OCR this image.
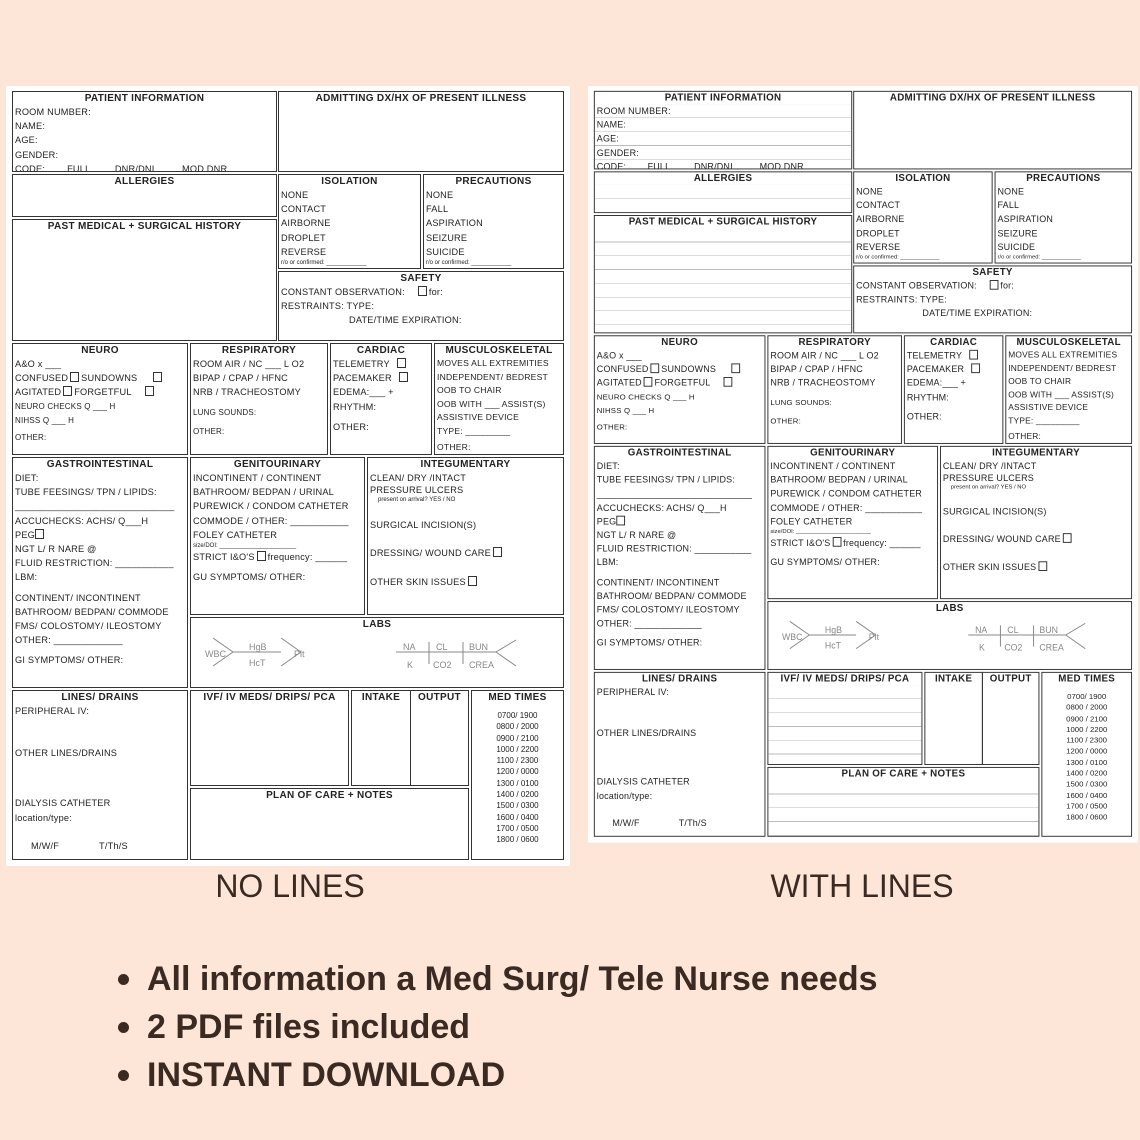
PATIENT INFORMATION
ROOM NUMBER:
NAME:
AGE:
GENDER:
CODE:        FULL         DNR/DNI          MOD DNR
ADMITTING DX/HX OF PRESENT ILLNESS
ALLERGIES	ISOLATION
NONE
CONTACT
AIRBORNE
DROPLET
REVERSE
r/o or confirmed: ____________
PRECAUTIONS
NONE
FALL
ASPIRATION
SEIZURE
SUICIDE
r/o or confirmed: ____________
PAST MEDICAL + SURGICAL HISTORY
SAFETY
CONSTANT OBSERVATION:	for:
RESTRAINTS: TYPE:
DATE/TIME EXPIRATION:
NEURO
A&O x ___
CONFUSED SUNDOWNS
AGITATED FORGETFUL
NEURO CHECKS Q ___ H
NIHSS Q ___ H
OTHER:
RESPIRATORY
ROOM AIR / NC ___ L O2
BIPAP / CPAP / HFNC
NRB / TRACHEOSTOMY
LUNG SOUNDS:
OTHER:
CARDIAC
TELEMETRY
PACEMAKER
EDEMA:___ +
RHYTHM:
OTHER:
MUSCULOSKELETAL
MOVES ALL EXTREMITIES
INDEPENDENT/ BEDREST
OOB TO CHAIR
OOB WITH ___ ASSIST(S)
ASSISTIVE DEVICE
TYPE: _________
OTHER:
GASTROINTESTINAL
DIET:
TUBE FEESINGS/ TPN / LIPIDS:
______________________________
ACCUCHECKS: ACHS/ Q___H
PEG
NGT L/ R NARE @
FLUID RESTRICTION: ___________
LBM:
CONTINENT/ INCONTINENT
BATHROOM/ BEDPAN/ COMMODE
FMS/ COLOSTOMY/ ILEOSTOMY
OTHER: _____________
GI SYMPTOMS/ OTHER:
GENITOURINARY
INCONTINENT / CONTINENT
BATHROOM/ BEDPAN / URINAL
PUREWICK / CONDOM CATHETER
COMMODE / OTHER: ___________
FOLEY CATHETER
size/DOI: _______________________
STRICT I&O'S frequency: ______
GU SYMPTOMS/ OTHER:
INTEGUMENTARY
CLEAN/ DRY /INTACT
PRESSURE ULCERS
present on arrival? YES / NO
SURGICAL INCISION(S)
DRESSING/ WOUND CARE
OTHER SKIN ISSUES
LABS
WBC
HgB
HcT
Plt
NA CL BUN
K CO2 CREA
LINES/ DRAINS
PERIPHERAL IV:
OTHER LINES/DRAINS
DIALYSIS CATHETER
location/type:
M/W/F	T/Th/S
IVF/ IV MEDS/ DRIPS/ PCA	INTAKE	OUTPUT	MED TIMES
0700/ 1900
0800 / 2000
0900 / 2100
1000 / 2200
1100 / 2300
1200 / 0000
1300 / 0100
1400 / 0200
1500 / 0300
1600 / 0400
1700 / 0500
1800 / 0600
PLAN OF CARE + NOTES
PATIENT INFORMATION
ROOM NUMBER:
NAME:
AGE:
GENDER:
CODE:        FULL         DNR/DNI          MOD DNR
ADMITTING DX/HX OF PRESENT ILLNESS
ALLERGIES	ISOLATION
NONE
CONTACT
AIRBORNE
DROPLET
REVERSE
r/o or confirmed: ____________
PRECAUTIONS
NONE
FALL
ASPIRATION
SEIZURE
SUICIDE
r/o or confirmed: ____________
PAST MEDICAL + SURGICAL HISTORY
SAFETY
CONSTANT OBSERVATION:	for:
RESTRAINTS: TYPE:
DATE/TIME EXPIRATION:
NEURO
A&O x ___
CONFUSED SUNDOWNS
AGITATED FORGETFUL
NEURO CHECKS Q ___ H
NIHSS Q ___ H
OTHER:
RESPIRATORY
ROOM AIR / NC ___ L O2
BIPAP / CPAP / HFNC
NRB / TRACHEOSTOMY
LUNG SOUNDS:
OTHER:
CARDIAC
TELEMETRY
PACEMAKER
EDEMA:___ +
RHYTHM:
OTHER:
MUSCULOSKELETAL
MOVES ALL EXTREMITIES
INDEPENDENT/ BEDREST
OOB TO CHAIR
OOB WITH ___ ASSIST(S)
ASSISTIVE DEVICE
TYPE: _________
OTHER:
GASTROINTESTINAL
DIET:
TUBE FEESINGS/ TPN / LIPIDS:
______________________________
ACCUCHECKS: ACHS/ Q___H
PEG
NGT L/ R NARE @
FLUID RESTRICTION: ___________
LBM:
CONTINENT/ INCONTINENT
BATHROOM/ BEDPAN/ COMMODE
FMS/ COLOSTOMY/ ILEOSTOMY
OTHER: _____________
GI SYMPTOMS/ OTHER:
GENITOURINARY
INCONTINENT / CONTINENT
BATHROOM/ BEDPAN / URINAL
PUREWICK / CONDOM CATHETER
COMMODE / OTHER: ___________
FOLEY CATHETER
size/DOI: _______________________
STRICT I&O'S frequency: ______
GU SYMPTOMS/ OTHER:
INTEGUMENTARY
CLEAN/ DRY /INTACT
PRESSURE ULCERS
present on arrival? YES / NO
SURGICAL INCISION(S)
DRESSING/ WOUND CARE
OTHER SKIN ISSUES
LABS
WBC
HgB
HcT
Plt
NA CL BUN
K CO2 CREA
LINES/ DRAINS
PERIPHERAL IV:
OTHER LINES/DRAINS
DIALYSIS CATHETER
location/type:
M/W/F	T/Th/S
IVF/ IV MEDS/ DRIPS/ PCA	INTAKE	OUTPUT	MED TIMES
0700/ 1900
0800 / 2000
0900 / 2100
1000 / 2200
1100 / 2300
1200 / 0000
1300 / 0100
1400 / 0200
1500 / 0300
1600 / 0400
1700 / 0500
1800 / 0600
PLAN OF CARE + NOTES
NO LINES	WITH LINES
All information a Med Surg/ Tele Nurse needs
2 PDF files included
INSTANT DOWNLOAD
